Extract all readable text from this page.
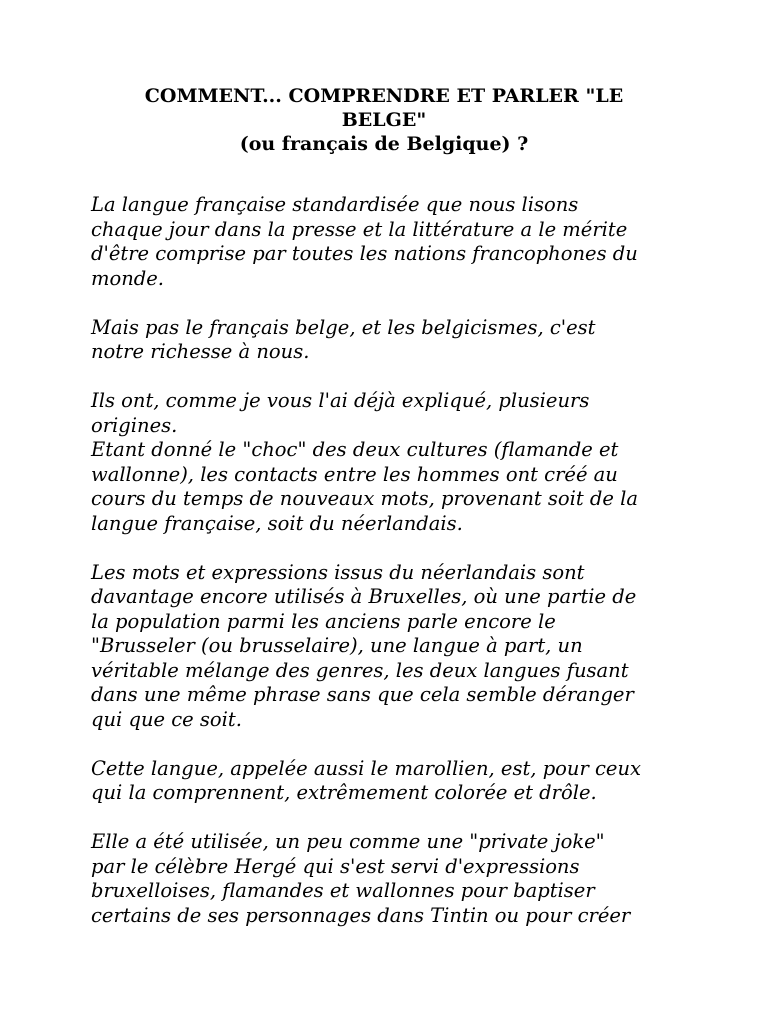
COMMENT... COMPRENDRE ET PARLER "LE
BELGE"
(ou français de Belgique) ?

La langue française standardisée que nous lisons
chaque jour dans la presse et la littérature a le mérite
d'être comprise par toutes les nations francophones du
monde.

Mais pas le français belge, et les belgicismes, c'est
notre richesse à nous.

Ils ont, comme je vous l'ai déjà expliqué, plusieurs
origines.

Etant donné le "choc" des deux cultures (flamande et
wallonne), les contacts entre les hommes ont créé au
cours du temps de nouveaux mots, provenant soit de la
langue française, soit du néerlandais.

Les mots et expressions issus du néerlandais sont
davantage encore utilisés à Bruxelles, où une partie de
la population parmi les anciens parle encore le
"Brusseler (ou brusselaire), une langue à part, un
véritable mélange des genres, les deux langues fusant
dans une même phrase sans que cela semble déranger
qui que ce soit.

Cette langue, appelée aussi le marollien, est, pour ceux
qui la comprennent, extrêmement colorée et drôle.

Elle a été utilisée, un peu comme une "private joke"
par le célèbre Hergé qui s'est servi d'expressions
bruxelloises, flamandes et wallonnes pour baptiser
certains de ses personnages dans Tintin ou pour créer
